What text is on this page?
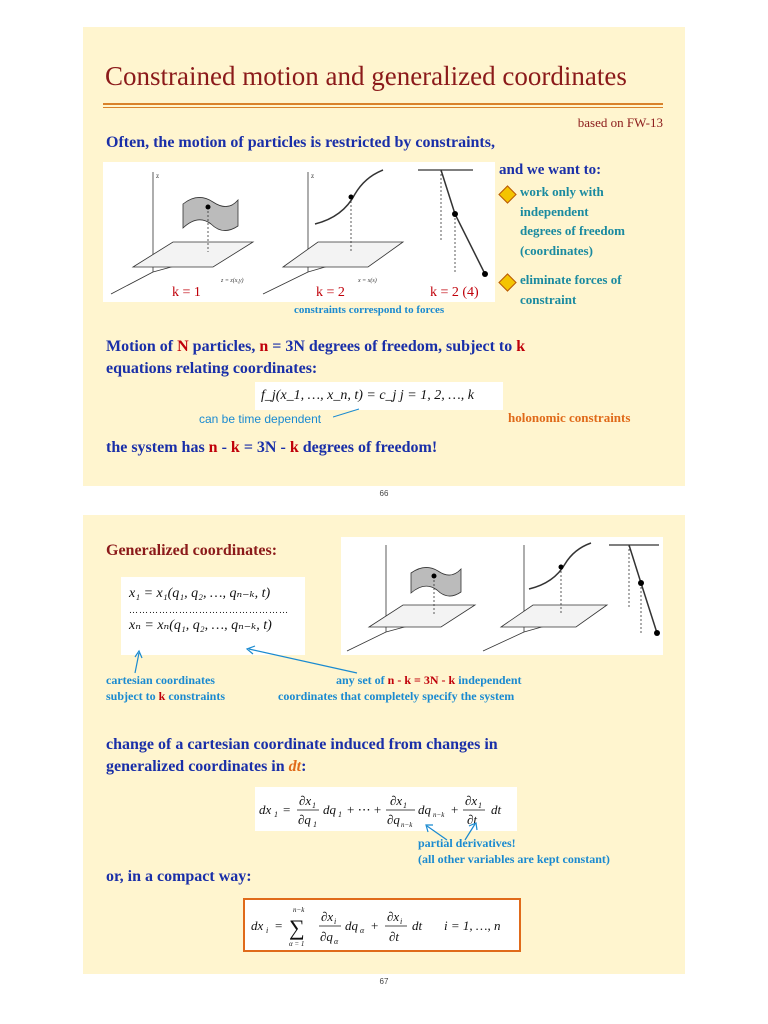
Constrained motion and generalized coordinates
based on FW-13
Often, the motion of particles is restricted by constraints,
z = z(x,y)
z
x = x(s)
z
k = 1	k = 2	k = 2 (4)
constraints correspond to forces
and we want to:
work only with
independent
degrees of freedom
(coordinates)
eliminate forces of
constraint
Motion of N particles, n = 3N degrees of freedom, subject to k
equations relating coordinates:
f_j(x_1, …, x_n, t) = c_j j = 1, 2, …, k
can be time dependent	holonomic constraints
the system has n - k = 3N - k degrees of freedom!
66
Generalized coordinates:
x₁ = x₁(q₁, q₂, …, qₙ₋ₖ, t)
…………………………………………
xₙ = xₙ(q₁, q₂, …, qₙ₋ₖ, t)
cartesian coordinates
subject to k constraints
any set of n - k = 3N - k independent
coordinates that completely specify the system
change of a cartesian coordinate induced from changes in
generalized coordinates in dt:
dx 1 =
∂x 1
∂q 1
dq 1 + ⋯ +
∂x 1
∂q n−k
dq n−k +
∂x 1
∂t
dt
partial derivatives!
(all other variables are kept constant)
or, in a compact way:
dx i =
n−k
∑
α = 1
∂x i
∂q α
dq α +
∂x i
∂t
dt i = 1, …, n
67
